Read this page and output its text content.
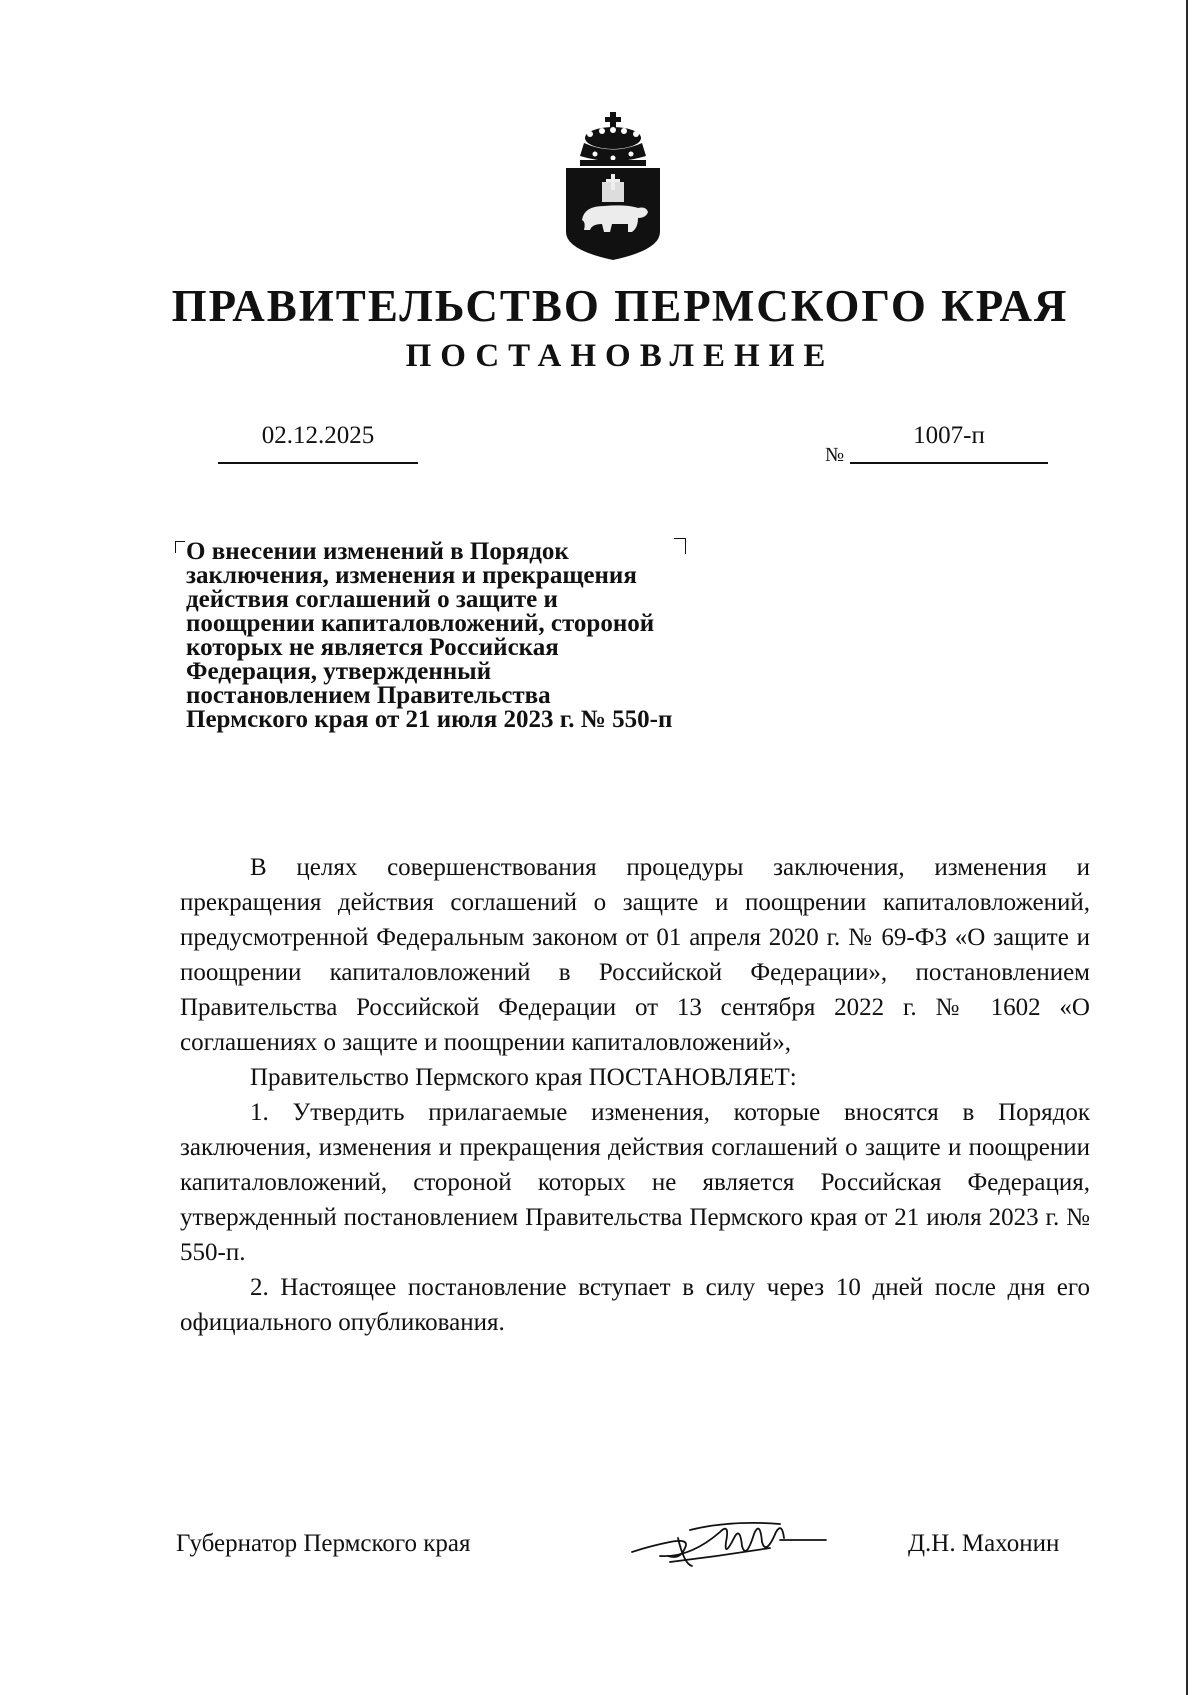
ПРАВИТЕЛЬСТВО ПЕРМСКОГО КРАЯ
ПОСТАНОВЛЕНИЕ
02.12.2025
№
1007-п
О внесении изменений в Порядок заключения, изменения и прекращения действия соглашений о защите и поощрении капиталовложений, стороной которых не является Российская Федерация, утвержденный постановлением Правительства Пермского края от 21 июля 2023 г. № 550-п

В целях совершенствования процедуры заключения, изменения и прекращения действия соглашений о защите и поощрении капиталовложений, предусмотренной Федеральным законом от 01 апреля 2020 г. № 69-ФЗ «О защите и поощрении капиталовложений в Российской Федерации», постановлением Правительства Российской Федерации от 13 сентября 2022 г. № 1602 «О соглашениях о защите и поощрении капиталовложений»,

Правительство Пермского края ПОСТАНОВЛЯЕТ:

1. Утвердить прилагаемые изменения, которые вносятся в Порядок заключения, изменения и прекращения действия соглашений о защите и поощрении капиталовложений, стороной которых не является Российская Федерация, утвержденный постановлением Правительства Пермского края от 21 июля 2023 г. № 550-п.

2. Настоящее постановление вступает в силу через 10 дней после дня его официального опубликования.

Губернатор Пермского края	Д.Н. Махонин
